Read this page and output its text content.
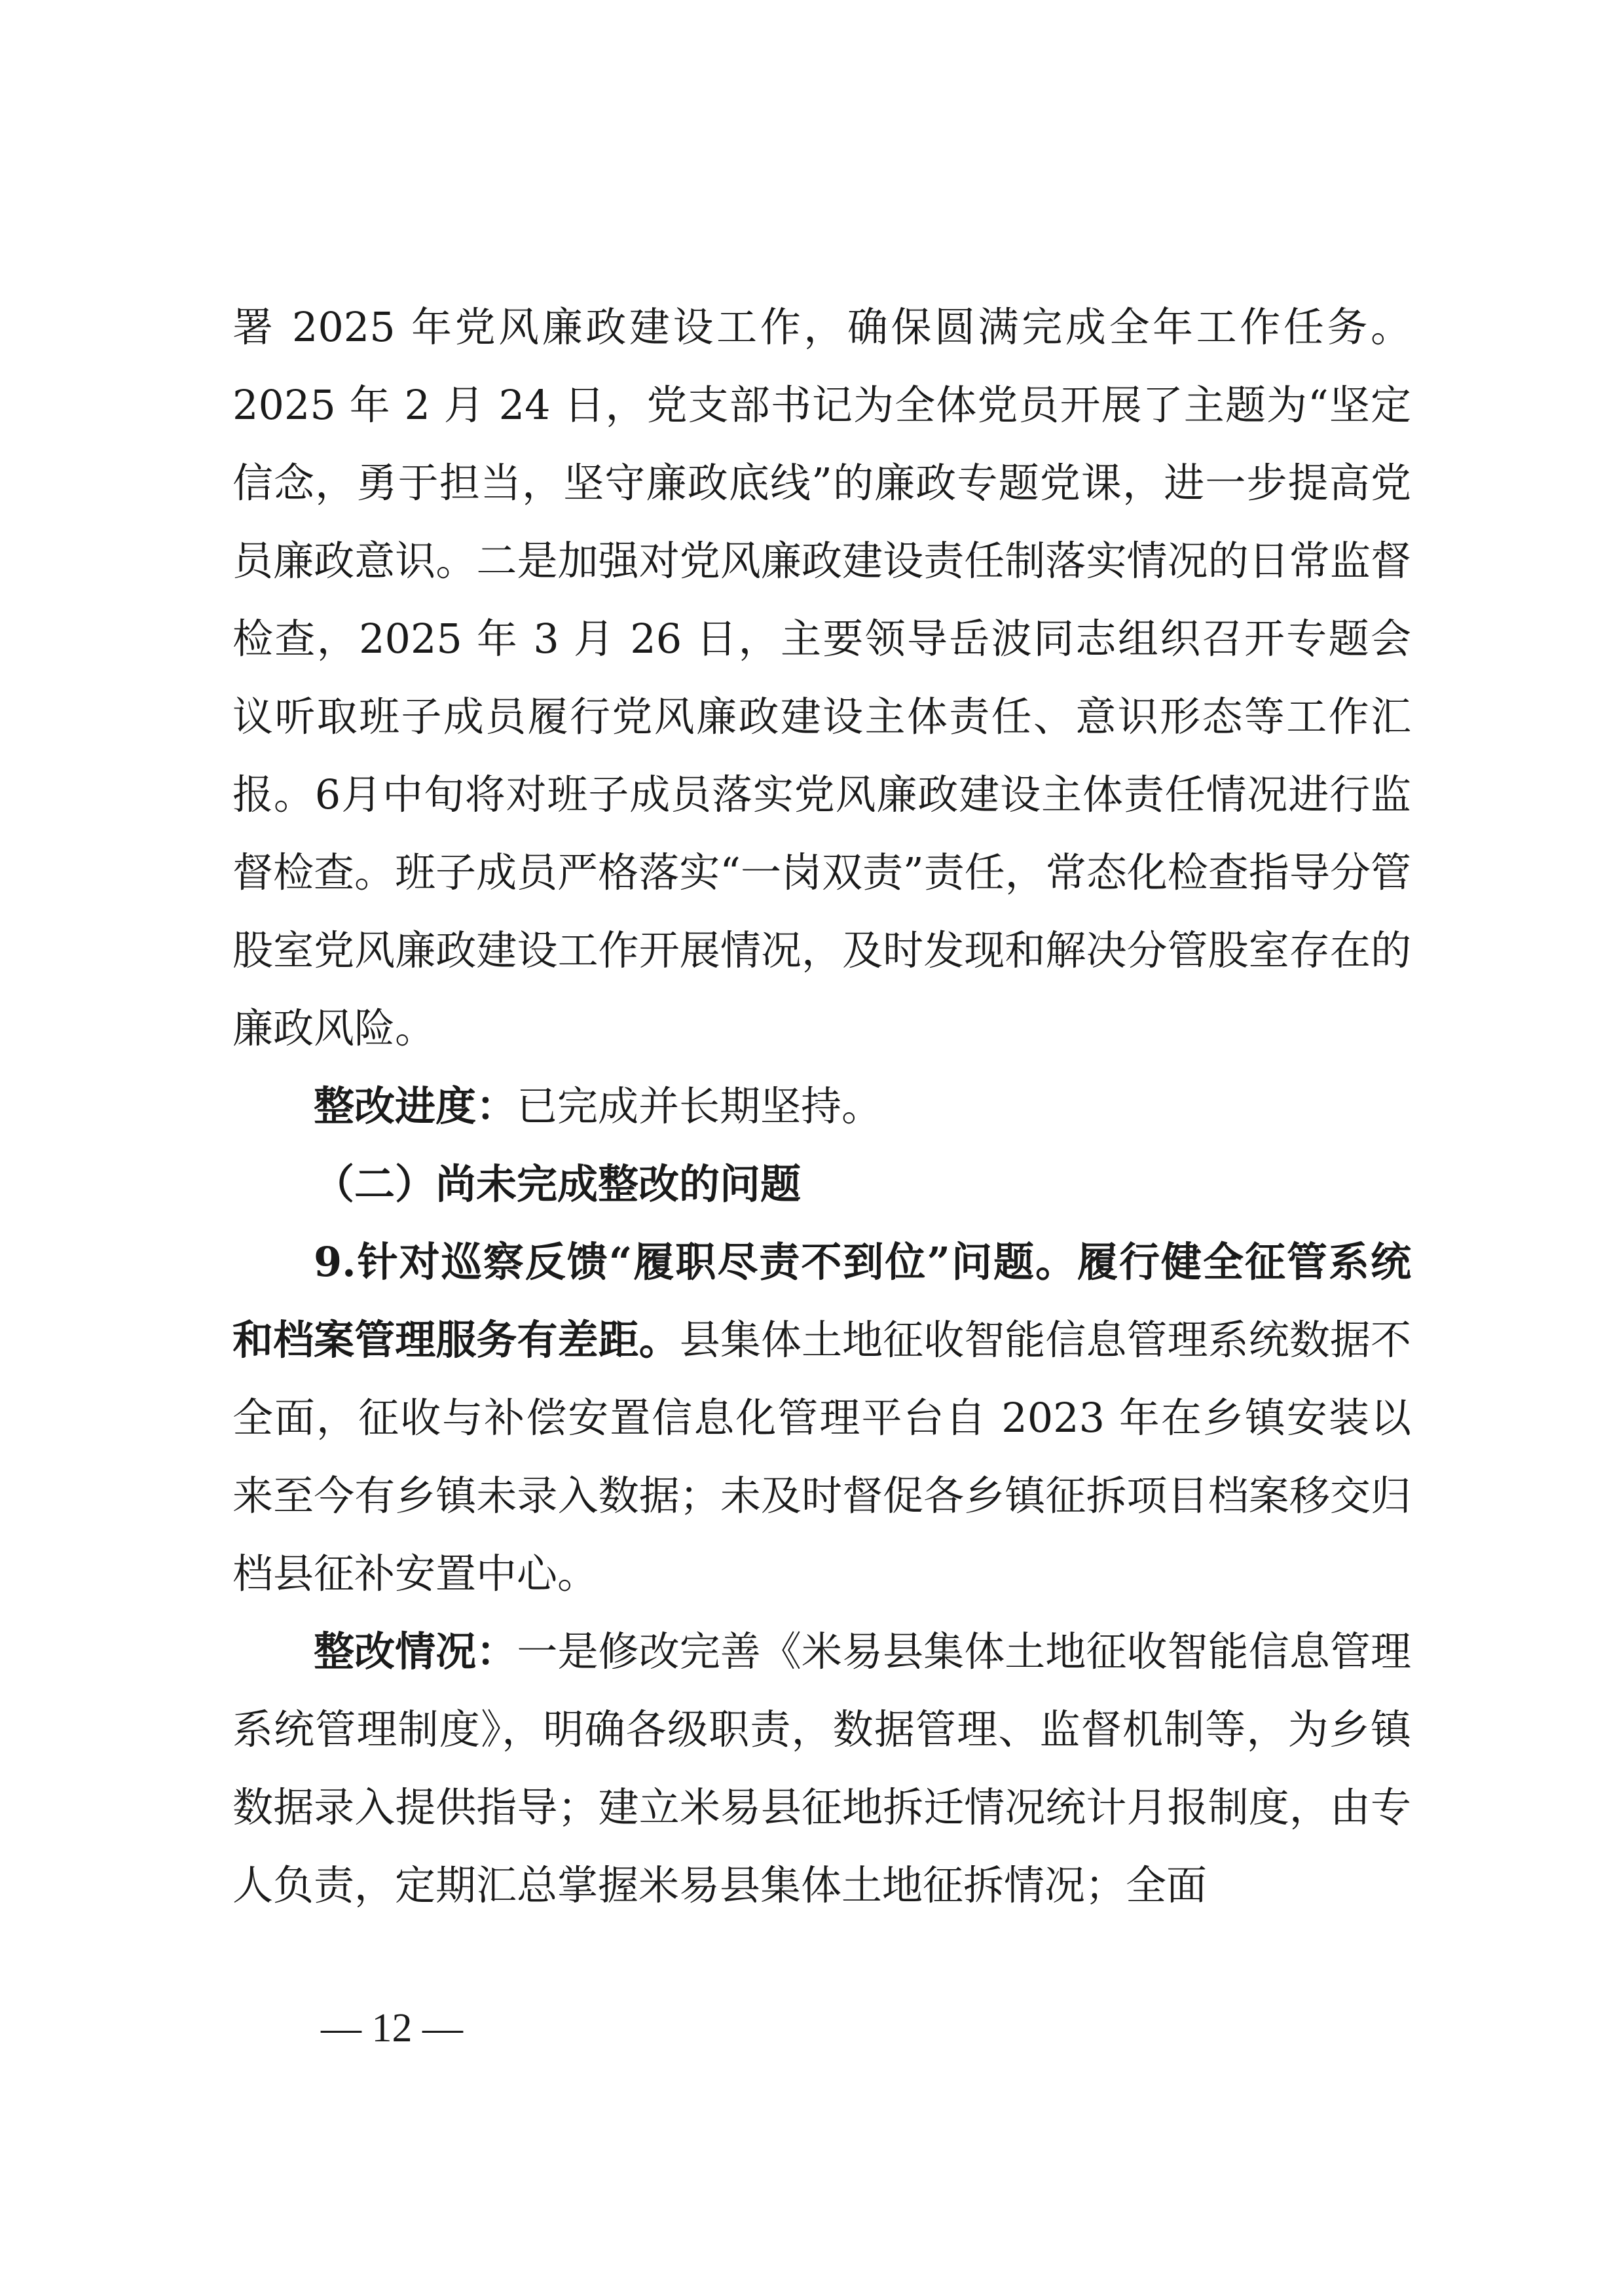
署 2025 年党风廉政建设工作，确保圆满完成全年工作任务。2025 年 2 月 24 日，党支部书记为全体党员开展了主题为“坚定信念，勇于担当，坚守廉政底线”的廉政专题党课，进一步提高党员廉政意识。二是加强对党风廉政建设责任制落实情况的日常监督检查，2025 年 3 月 26 日，主要领导岳波同志组织召开专题会议听取班子成员履行党风廉政建设主体责任、意识形态等工作汇报。6月中旬将对班子成员落实党风廉政建设主体责任情况进行监督检查。班子成员严格落实“一岗双责”责任，常态化检查指导分管股室党风廉政建设工作开展情况，及时发现和解决分管股室存在的廉政风险。

整改进度：已完成并长期坚持。

（二）尚未完成整改的问题

9.针对巡察反馈“履职尽责不到位”问题。履行健全征管系统和档案管理服务有差距。县集体土地征收智能信息管理系统数据不全面，征收与补偿安置信息化管理平台自 2023 年在乡镇安装以来至今有乡镇未录入数据；未及时督促各乡镇征拆项目档案移交归档县征补安置中心。

整改情况：一是修改完善《米易县集体土地征收智能信息管理系统管理制度》，明确各级职责，数据管理、监督机制等，为乡镇数据录入提供指导；建立米易县征地拆迁情况统计月报制度，由专人负责，定期汇总掌握米易县集体土地征拆情况；全面

— 12 —
